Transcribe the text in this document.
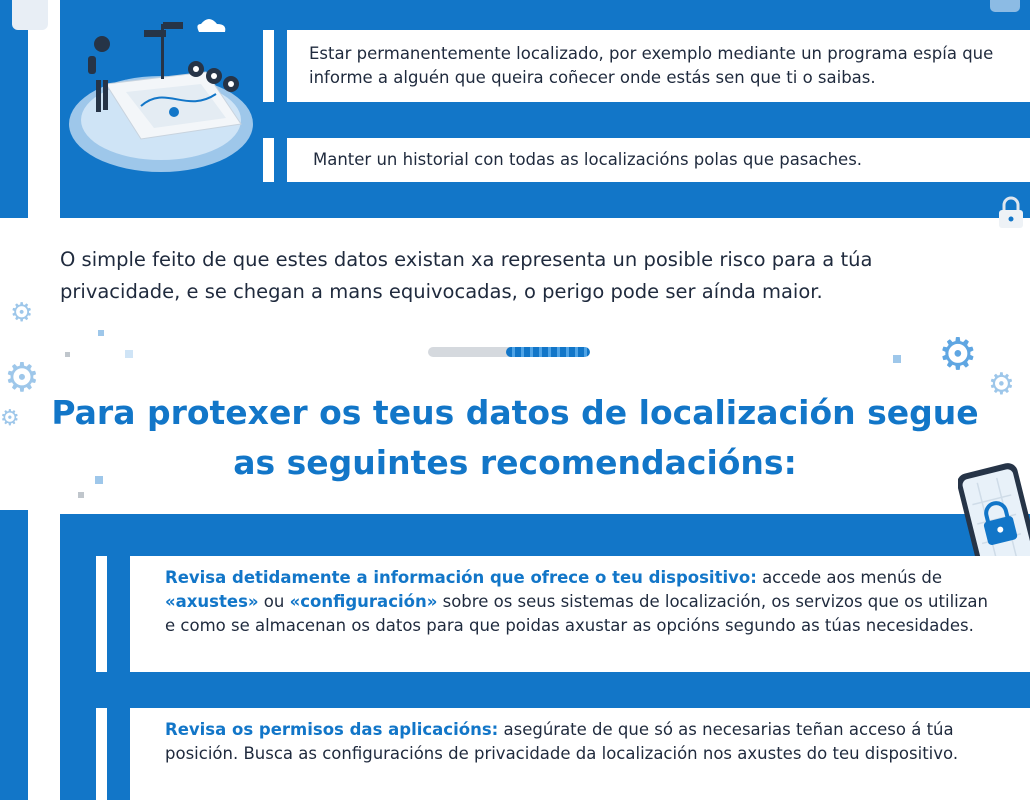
Estar permanentemente localizado, por exemplo mediante un programa espía que informe a alguén que queira coñecer onde estás sen que ti o saibas.

Manter un historial con todas as localizacións polas que pasaches.

O simple feito de que estes datos existan xa representa un posible risco para a túa privacidade, e se chegan a mans equivocadas, o perigo pode ser aínda maior.

⚙
⚙
⚙
⚙
⚙
Para protexer os teus datos de localización segue
as seguintes recomendacións:

Revisa detidamente a información que ofrece o teu dispositivo: accede aos menús de «axustes» ou «configuración» sobre os seus sistemas de localización, os servizos que os utilizan e como se almacenan os datos para que poidas axustar as opcións segundo as túas necesidades.

Revisa os permisos das aplicacións: asegúrate de que só as necesarias teñan acceso á túa posición. Busca as configuracións de privacidade da localización nos axustes do teu dispositivo.
